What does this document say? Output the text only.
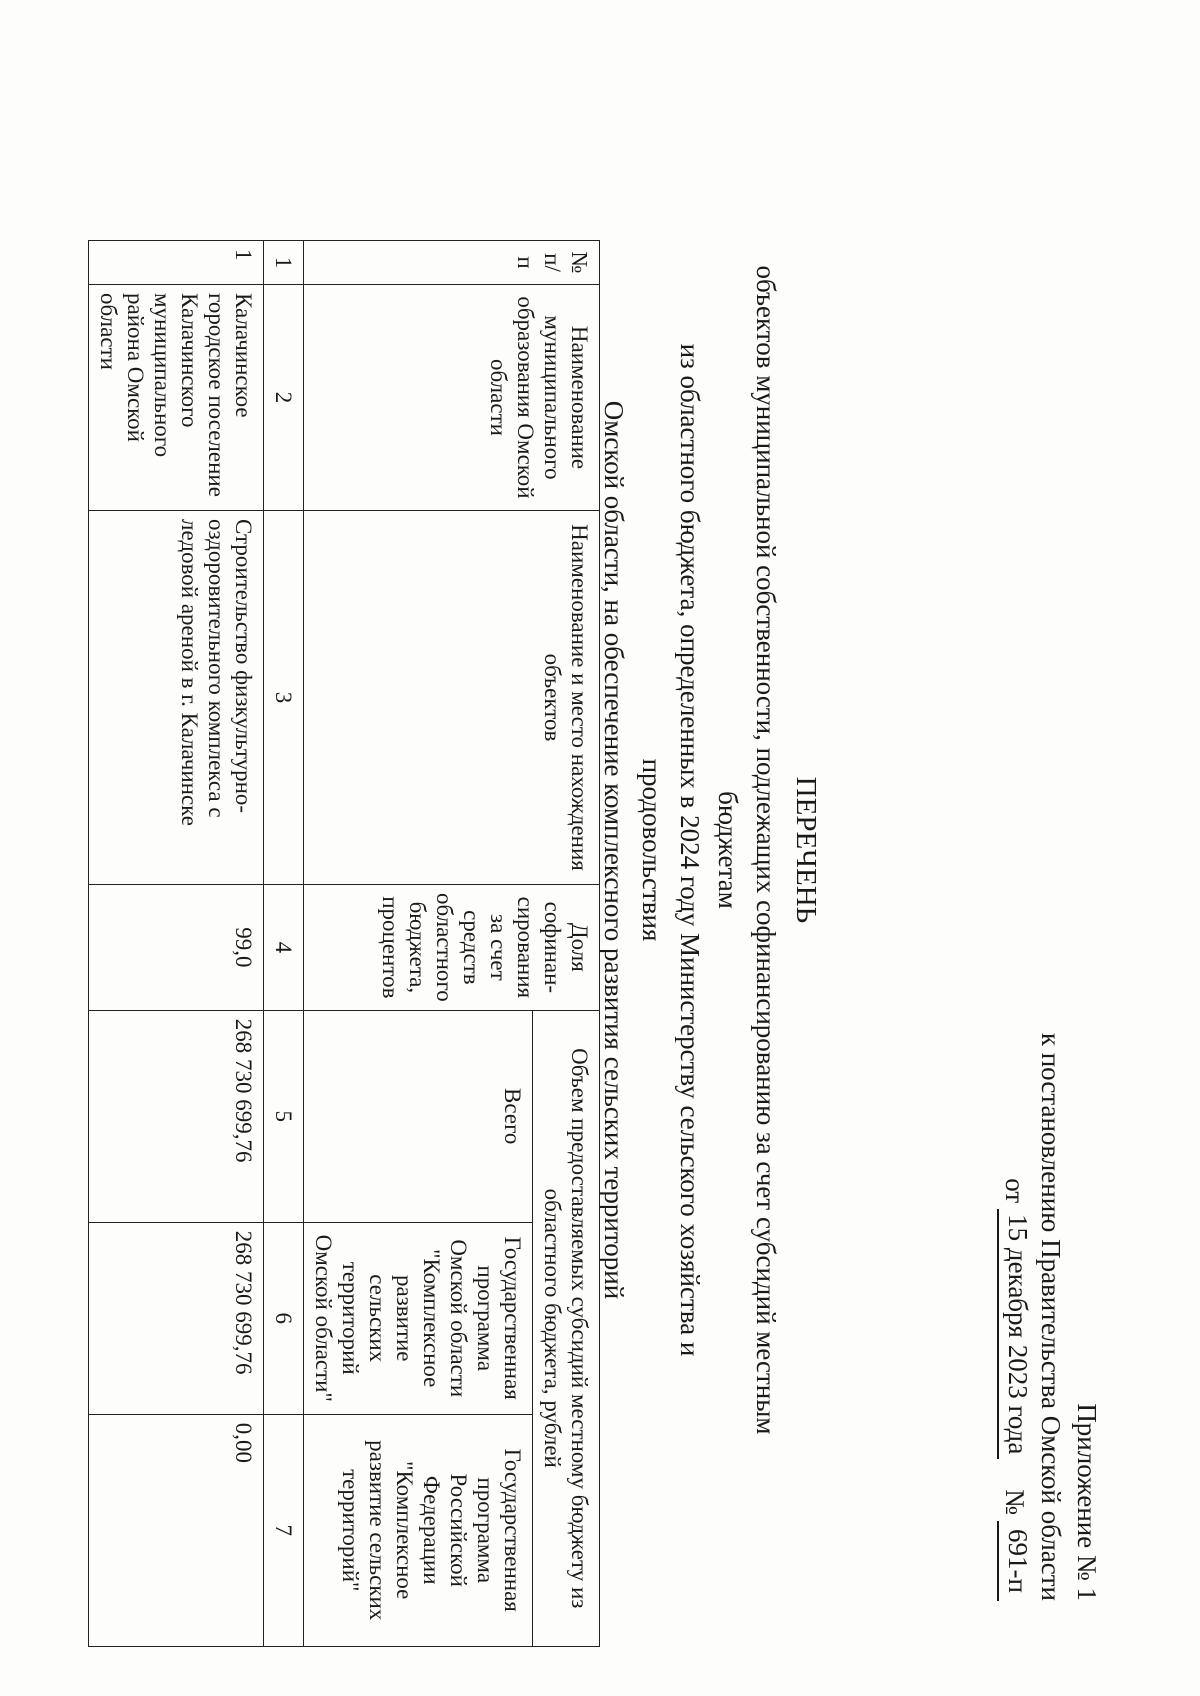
Приложение № 1
к постановлению Правительства Омской области
от
15 декабря 2023 года
№
691-п
ПЕРЕЧЕНЬ
объектов муниципальной собственности, подлежащих софинансированию за счет субсидий местным бюджетам
из областного бюджета, определенных в 2024 году Министерству сельского хозяйства и продовольствия
Омской области, на обеспечение комплексного развития сельских территорий
№ п/п	Наименование муниципального образования Омской области	Наименование и место нахождения объектов	Доля софинан-сирования за счет средств областного бюджета, процентов	Объем предоставляемых субсидий местному бюджету из областного бюджета, рублей		
				Всего	Государственная программа Омской области "Комплексное развитие сельских территорий Омской области"	Государственная программа Российской Федерации "Комплексное развитие сельских территорий"
1	2	3	4	5	6	7
1	Калачинское городское поселение Калачинского муниципального района Омской области	Строительство физкультурно-оздоровительного комплекса с ледовой ареной в г. Калачинске	99,0	268 730 699,76	268 730 699,76	0,00
